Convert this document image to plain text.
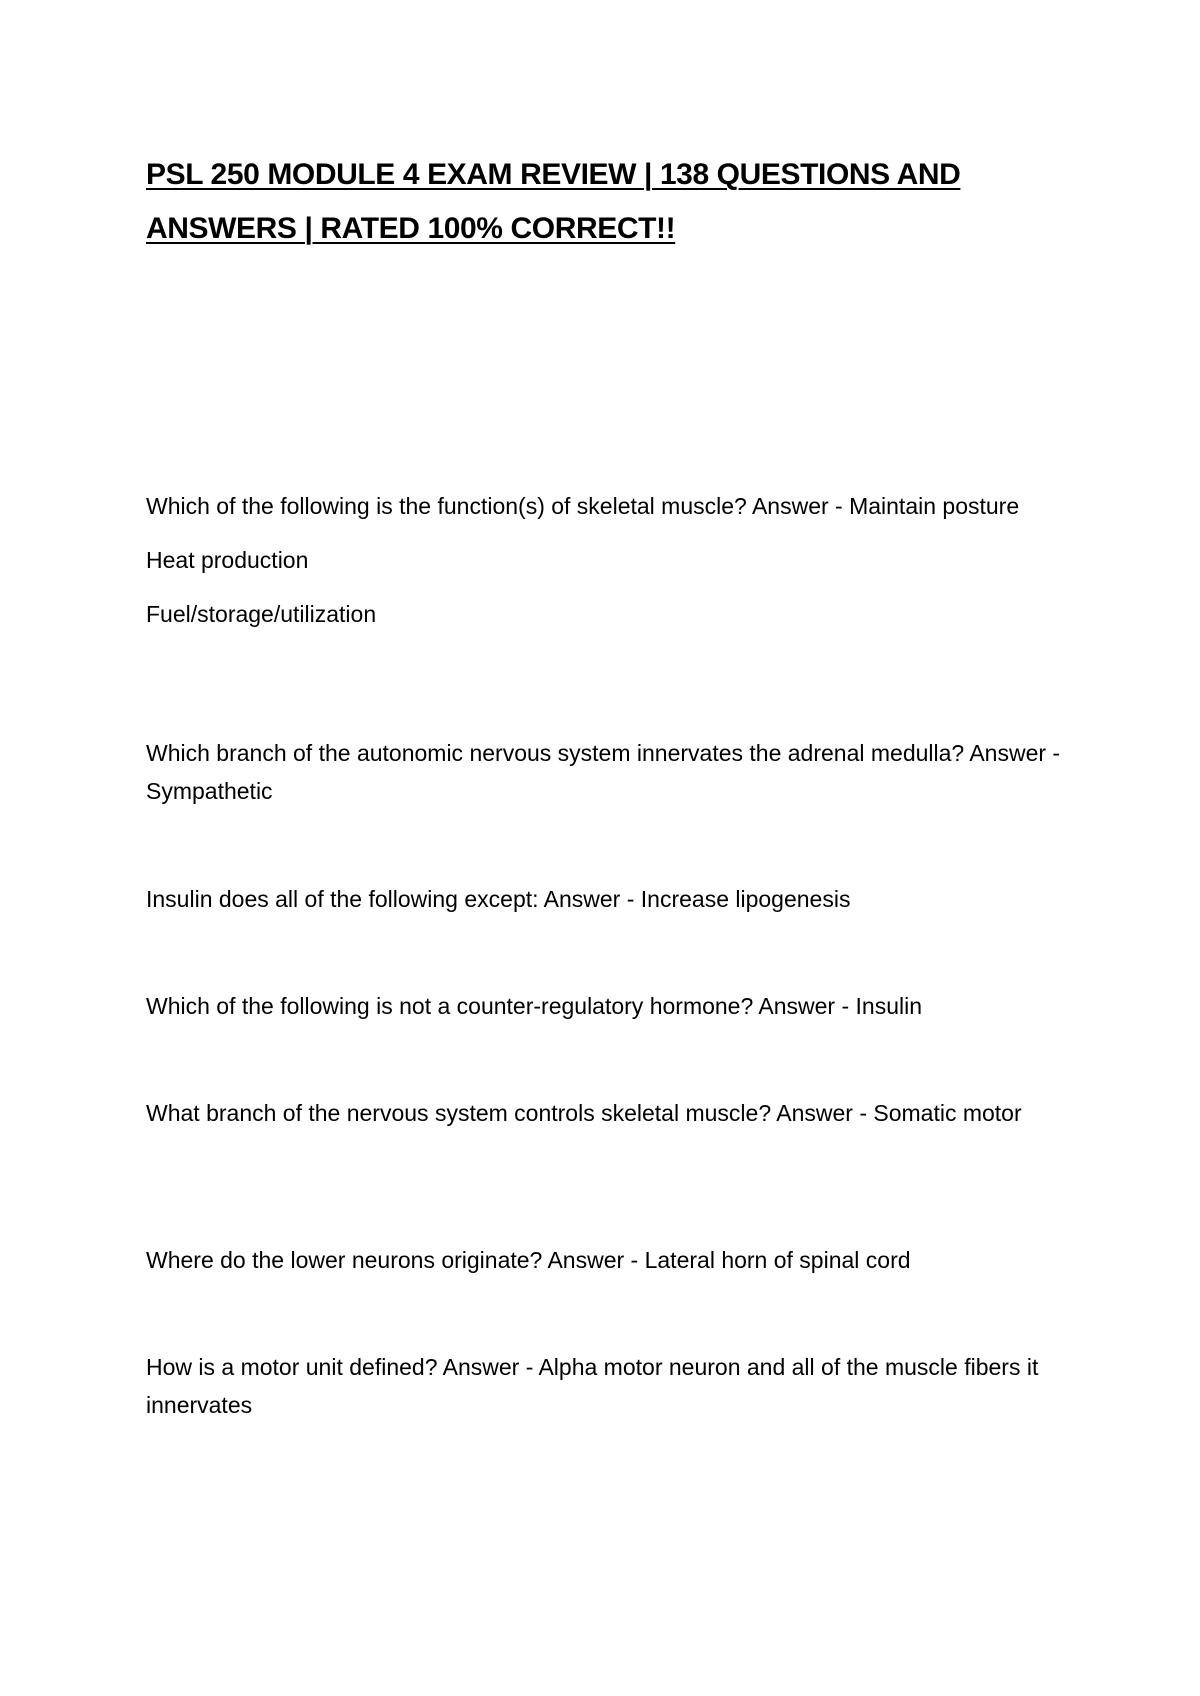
PSL 250 MODULE 4 EXAM REVIEW | 138 QUESTIONS AND ANSWERS | RATED 100% CORRECT!!

Which of the following is the function(s) of skeletal muscle? Answer - Maintain posture

Heat production

Fuel/storage/utilization

Which branch of the autonomic nervous system innervates the adrenal medulla? Answer - Sympathetic

Insulin does all of the following except: Answer - Increase lipogenesis

Which of the following is not a counter-regulatory hormone? Answer - Insulin

What branch of the nervous system controls skeletal muscle? Answer - Somatic motor

Where do the lower neurons originate? Answer - Lateral horn of spinal cord

How is a motor unit defined? Answer - Alpha motor neuron and all of the muscle fibers it innervates
